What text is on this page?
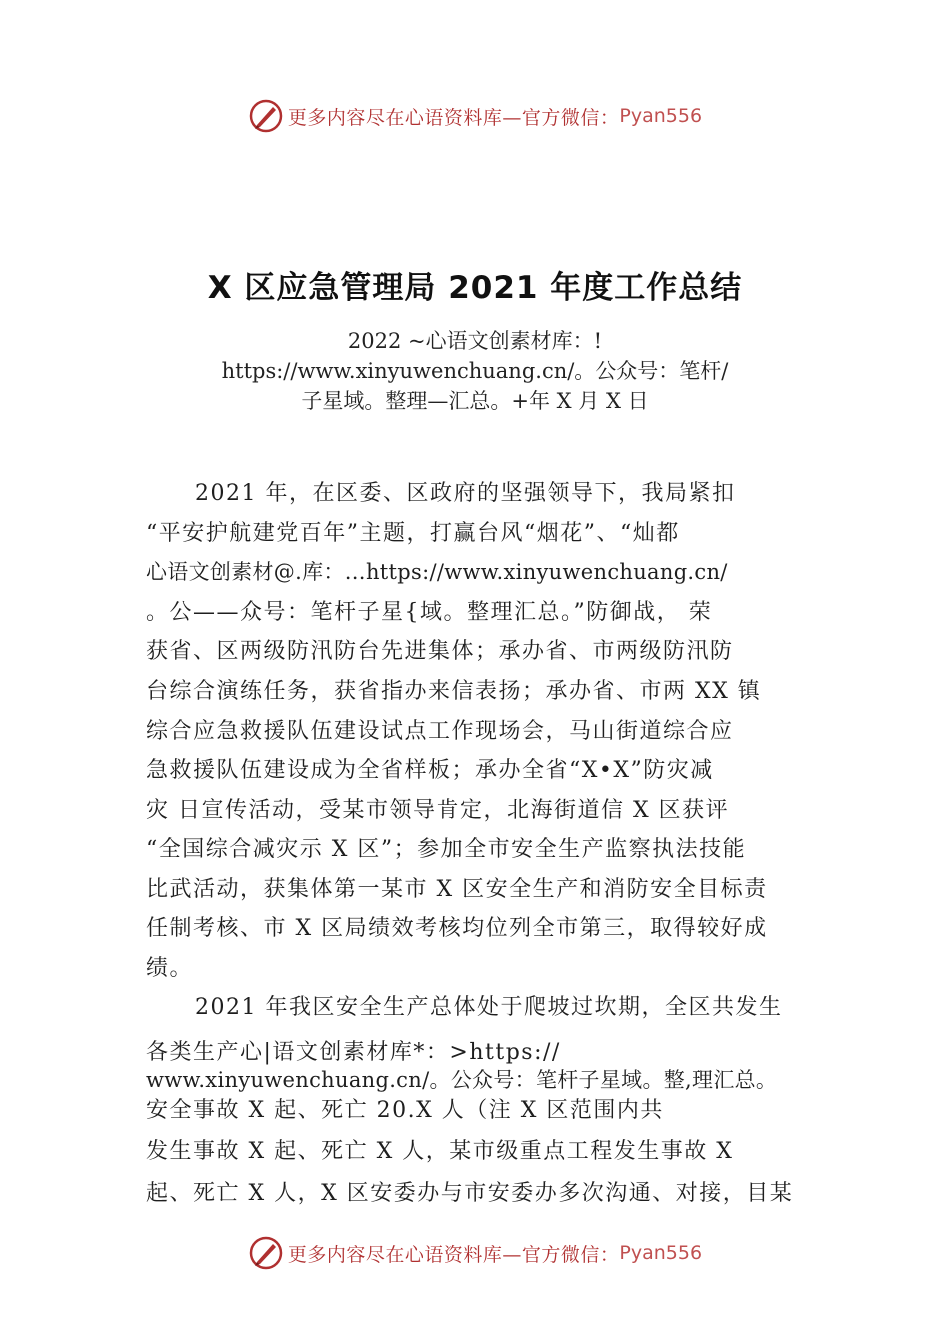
更多内容尽在心语资料库—官方微信： Pyan556
X 区应急管理局 2021 年度工作总结
2022 ~心语文创素材库：!
https://www.xinyuwenchuang.cn/。公众号：笔杆/
子星域。整理—汇总。+年 X 月 X 日
2021 年，在区委、区政府的坚强领导下，我局紧扣
“平安护航建党百年”主题，打赢台风“烟花”、“灿都
心语文创素材@.库：…https://www.xinyuwenchuang.cn/
。公——众号：笔杆子星{域。整理汇总。”防御战， 荣
获省、区两级防汛防台先进集体；承办省、市两级防汛防
台综合演练任务，获省指办来信表扬；承办省、市两 XX 镇
综合应急救援队伍建设试点工作现场会，马山街道综合应
急救援队伍建设成为全省样板；承办全省“X•X”防灾减
灾 日宣传活动，受某市领导肯定，北海街道信 X 区获评
“全国综合减灾示 X 区”；参加全市安全生产监察执法技能
比武活动，获集体第一某市 X 区安全生产和消防安全目标责
任制考核、市 X 区局绩效考核均位列全市第三，取得较好成
绩。
2021 年我区安全生产总体处于爬坡过坎期，全区共发生
各类生产心|语文创素材库*：>https://
www.xinyuwenchuang.cn/。公众号：笔杆子星域。整,理汇总。
安全事故 X 起、死亡 20.X 人（注 X 区范围内共
发生事故 X 起、死亡 X 人，某市级重点工程发生事故 X
起、死亡 X 人，X 区安委办与市安委办多次沟通、对接，目某
更多内容尽在心语资料库—官方微信： Pyan556
